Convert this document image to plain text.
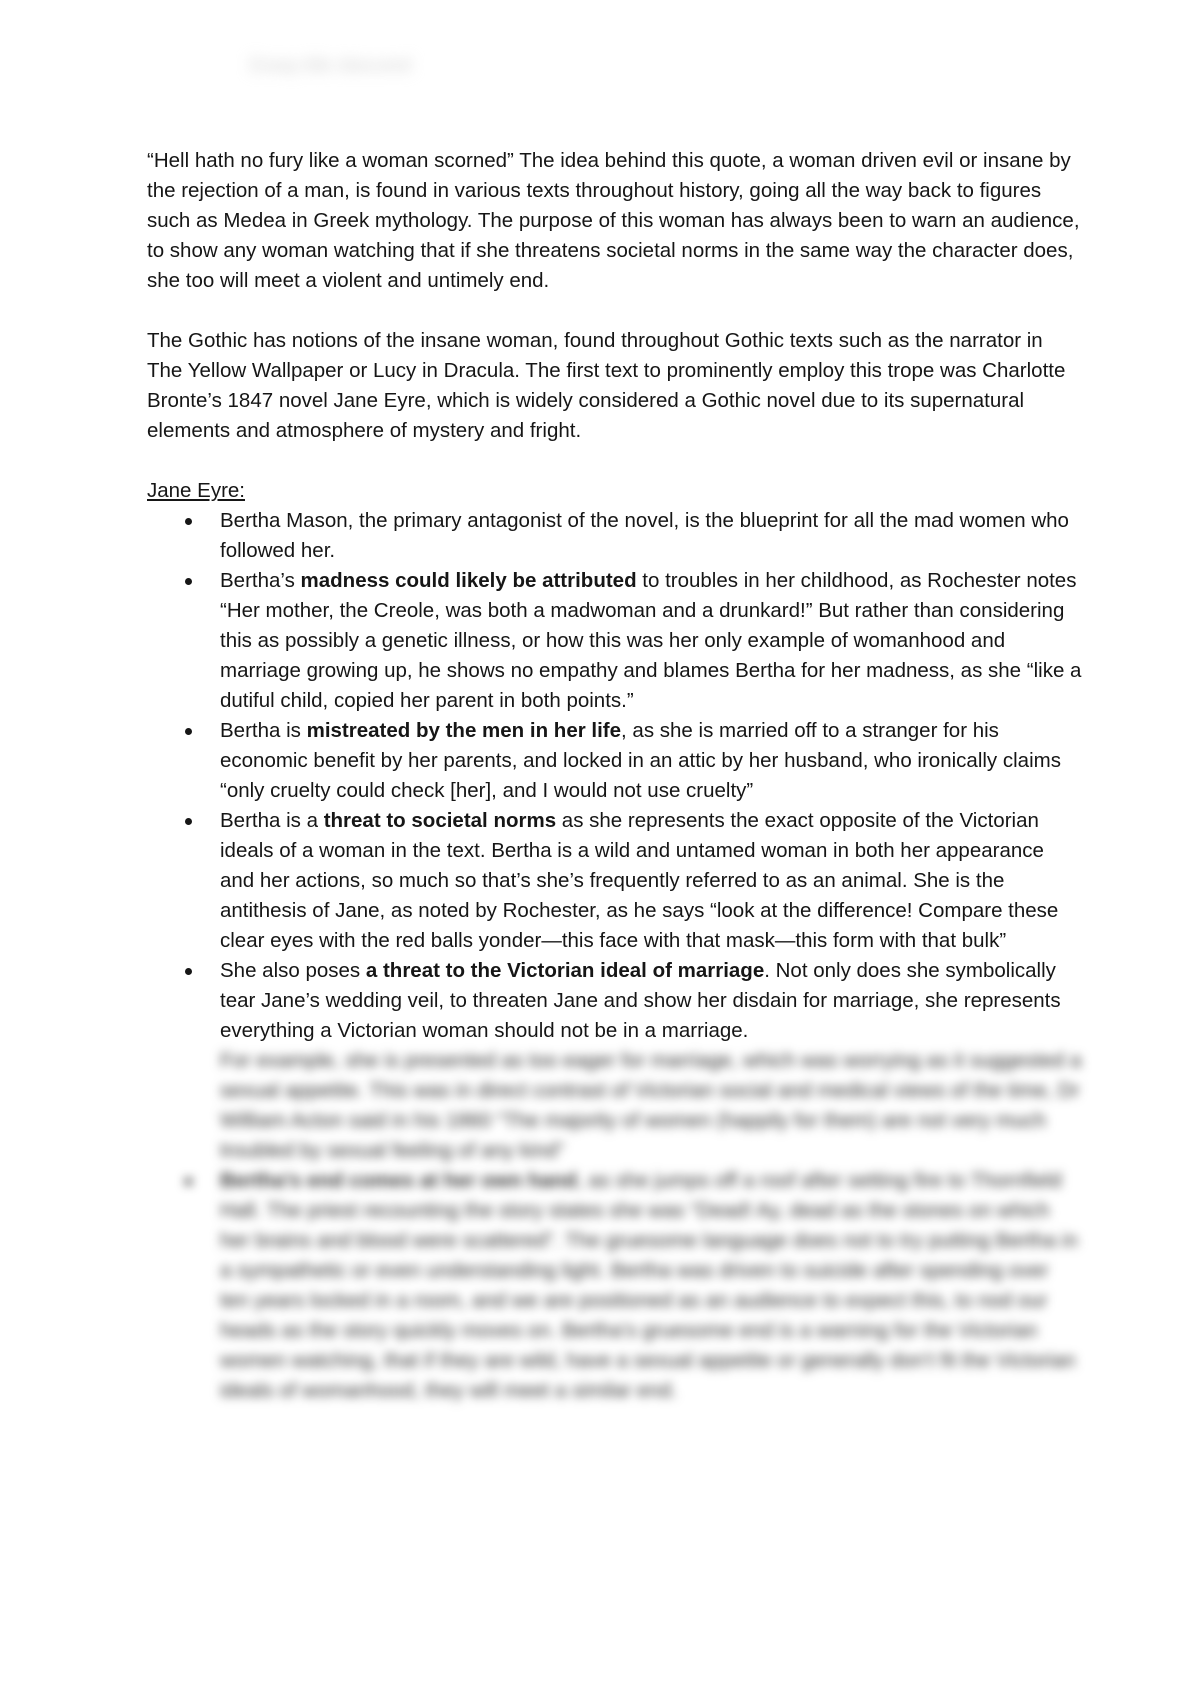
Essay title obscured

“Hell hath no fury like a woman scorned” The idea behind this quote, a woman driven evil or insane by the rejection of a man, is found in various texts throughout history, going all the way back to figures such as Medea in Greek mythology. The purpose of this woman has always been to warn an audience, to show any woman watching that if she threatens societal norms in the same way the character does, she too will meet a violent and untimely end.

The Gothic has notions of the insane woman, found throughout Gothic texts such as the narrator in The Yellow Wallpaper or Lucy in Dracula. The first text to prominently employ this trope was Charlotte Bronte’s 1847 novel Jane Eyre, which is widely considered a Gothic novel due to its supernatural elements and atmosphere of mystery and fright.

Jane Eyre:

Bertha Mason, the primary antagonist of the novel, is the blueprint for all the mad women who followed her.
Bertha’s madness could likely be attributed to troubles in her childhood, as Rochester notes “Her mother, the Creole, was both a madwoman and a drunkard!” But rather than considering this as possibly a genetic illness, or how this was her only example of womanhood and marriage growing up, he shows no empathy and blames Bertha for her madness, as she “like a dutiful child, copied her parent in both points.”
Bertha is mistreated by the men in her life, as she is married off to a stranger for his economic benefit by her parents, and locked in an attic by her husband, who ironically claims “only cruelty could check [her], and I would not use cruelty”
Bertha is a threat to societal norms as she represents the exact opposite of the Victorian ideals of a woman in the text. Bertha is a wild and untamed woman in both her appearance and her actions, so much so that’s she’s frequently referred to as an animal. She is the antithesis of Jane, as noted by Rochester, as he says “look at the difference! Compare these clear eyes with the red balls yonder—this face with that mask—this form with that bulk”
She also poses a threat to the Victorian ideal of marriage. Not only does she symbolically tear Jane’s wedding veil, to threaten Jane and show her disdain for marriage, she represents everything a Victorian woman should not be in a marriage.
For example, she is presented as too eager for marriage, which was worrying as it suggested a sexual appetite. This was in direct contrast of Victorian social and medical views of the time, Dr William Acton said in his 1860 “The majority of women (happily for them) are not very much troubled by sexual feeling of any kind”
Bertha’s end comes at her own hand, as she jumps off a roof after setting fire to Thornfield Hall. The priest recounting the story states she was “Dead! Ay, dead as the stones on which her brains and blood were scattered”. The gruesome language does not to try putting Bertha in a sympathetic or even understanding light. Bertha was driven to suicide after spending over ten years locked in a room, and we are positioned as an audience to expect this, to nod our heads as the story quickly moves on. Bertha’s gruesome end is a warning for the Victorian women watching, that if they are wild, have a sexual appetite or generally don’t fit the Victorian ideals of womanhood, they will meet a similar end.
